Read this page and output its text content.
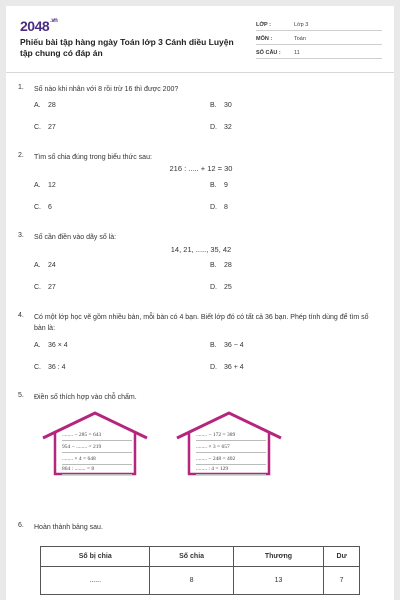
$2048^{.vn}$
Phiếu bài tập hàng ngày Toán lớp 3 Cánh diều Luyện tập chung có đáp án
LỚP :	Lớp 3
MÔN :	Toán
SỐ CÂU : 11
1. Số nào khi nhân với 8 rồi trừ 16 thì được 200?
A. 28	B. 30
C. 27	D. 32
2. Tìm số chia đúng trong biểu thức sau:
216 : ..... + 12 = 30
A. 12	B. 9
C. 6	D. 8
3. Số cần điền vào dãy số là:
14, 21, ....., 35, 42
A. 24	B. 28
C. 27	D. 25
4. Có một lớp học vẽ gồm nhiều bàn, mỗi bàn có 4 bạn. Biết lớp đó có tất cả 36 bạn. Phép tính dùng để tìm số bàn là:
A. 36 × 4	B. 36 − 4
C. 36 : 4	D. 36 + 4
5. Điền số thích hợp vào chỗ chấm.
........ − 285 = 643
954 − ........ = 219
........ × 4 = 648
864 : ........ = 8
........ − 172 = 389
........ × 3 = 657
........ − 248 = 402
........ : 4 = 129
6. Hoàn thành bảng sau.
Số bị chia	Số chia	Thương	Dư
......	8	13	7
